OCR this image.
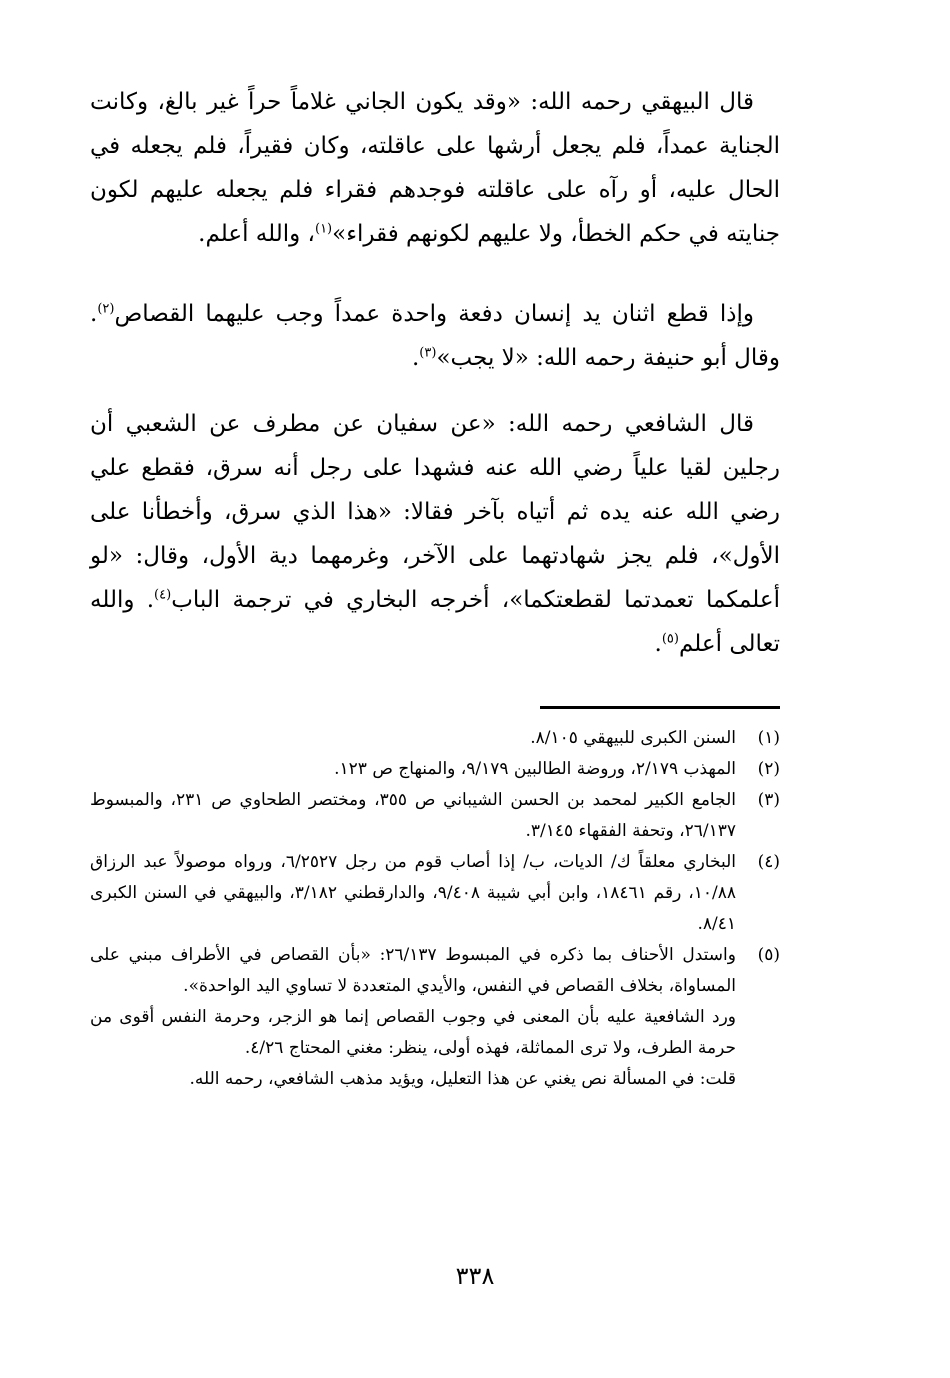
قال البيهقي رحمه الله: «وقد يكون الجاني غلاماً حراً غير بالغ، وكانت الجناية عمداً، فلم يجعل أرشها على عاقلته، وكان فقيراً، فلم يجعله في الحال عليه، أو رآه على عاقلته فوجدهم فقراء فلم يجعله عليهم لكون جنايته في حكم الخطأ، ولا عليهم لكونهم فقراء»$^{(١)}$، والله أعلم.

وإذا قطع اثنان يد إنسان دفعة واحدة عمداً وجب عليهما القصاص$^{(٢)}$. وقال أبو حنيفة رحمه الله: «لا يجب»$^{(٣)}$.

قال الشافعي رحمه الله: «عن سفيان عن مطرف عن الشعبي أن رجلين لقيا علياً رضي الله عنه فشهدا على رجل أنه سرق، فقطع علي رضي الله عنه يده ثم أتياه بآخر فقالا: «هذا الذي سرق، وأخطأنا على الأول»، فلم يجز شهادتهما على الآخر، وغرمهما دية الأول، وقال: «لو أعلمكما تعمدتما لقطعتكما»، أخرجه البخاري في ترجمة الباب$^{(٤)}$. والله تعالى أعلم$^{(٥)}$.

(١)
السنن الكبرى للبيهقي ٨/١٠٥.
(٢)
المهذب ٢/١٧٩، وروضة الطالبين ٩/١٧٩، والمنهاج ص ١٢٣.
(٣)
الجامع الكبير لمحمد بن الحسن الشيباني ص ٣٥٥، ومختصر الطحاوي ص ٢٣١، والمبسوط ٢٦/١٣٧، وتحفة الفقهاء ٣/١٤٥.
(٤)
البخاري معلقاً ك/ الديات، ب/ إذا أصاب قوم من رجل ٦/٢٥٢٧، ورواه موصولاً عبد الرزاق ١٠/٨٨، رقم ١٨٤٦١، وابن أبي شيبة ٩/٤٠٨، والدارقطني ٣/١٨٢، والبيهقي في السنن الكبرى ٨/٤١.
(٥)
واستدل الأحناف بما ذكره في المبسوط ٢٦/١٣٧: «بأن القصاص في الأطراف مبني على المساواة، بخلاف القصاص في النفس، والأيدي المتعددة لا تساوي اليد الواحدة».
ورد الشافعية عليه بأن المعنى في وجوب القصاص إنما هو الزجر، وحرمة النفس أقوى من حرمة الطرف، ولا ترى المماثلة، فهذه أولى، ينظر: مغني المحتاج ٤/٢٦.
قلت: في المسألة نص يغني عن هذا التعليل، ويؤيد مذهب الشافعي، رحمه الله.
٣٣٨
